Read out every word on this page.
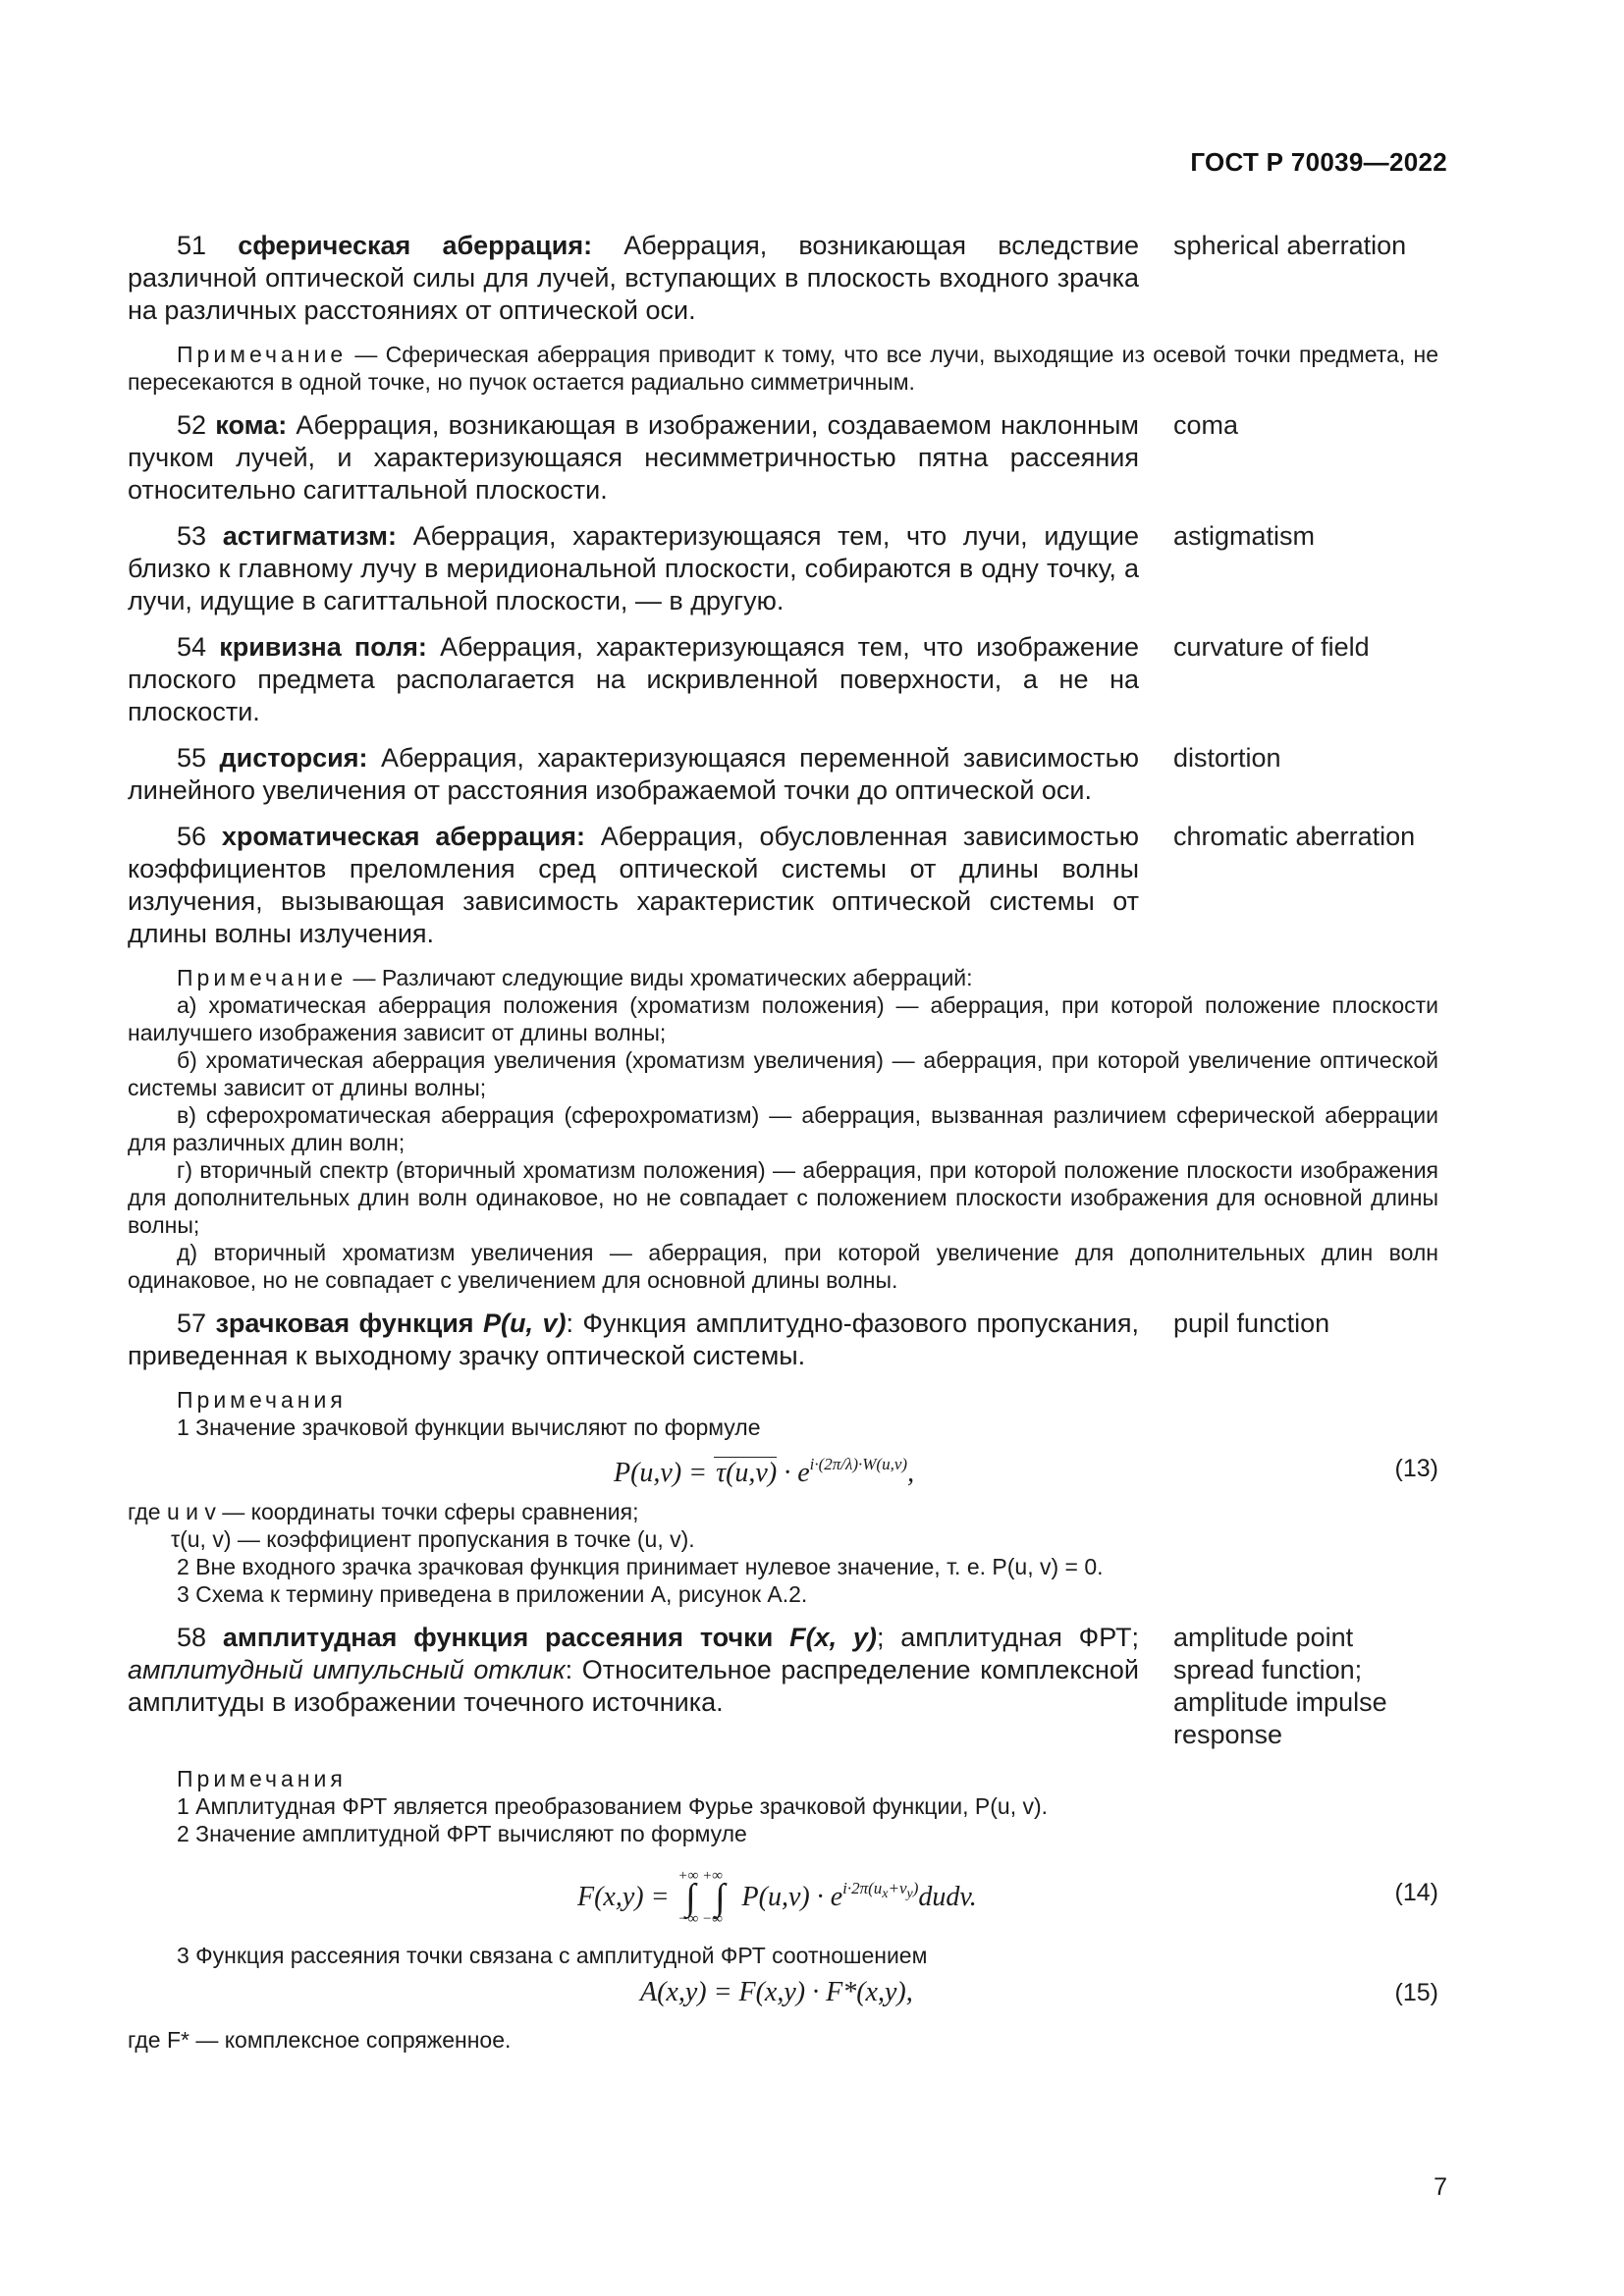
ГОСТ Р 70039—2022
51 сферическая аберрация: Аберрация, возникающая вследствие различной оптической силы для лучей, вступающих в плоскость входного зрачка на различных расстояниях от оптической оси.
spherical aberration
Примечание — Сферическая аберрация приводит к тому, что все лучи, выходящие из осевой точки предмета, не пересекаются в одной точке, но пучок остается радиально симметричным.
52 кома: Аберрация, возникающая в изображении, создаваемом наклонным пучком лучей, и характеризующаяся несимметричностью пятна рассеяния относительно сагиттальной плоскости.
coma
53 астигматизм: Аберрация, характеризующаяся тем, что лучи, идущие близко к главному лучу в меридиональной плоскости, собираются в одну точку, а лучи, идущие в сагиттальной плоскости, — в другую.
astigmatism
54 кривизна поля: Аберрация, характеризующаяся тем, что изображение плоского предмета располагается на искривленной поверхности, а не на плоскости.
curvature of field
55 дисторсия: Аберрация, характеризующаяся переменной зависимостью линейного увеличения от расстояния изображаемой точки до оптической оси.
distortion
56 хроматическая аберрация: Аберрация, обусловленная зависимостью коэффициентов преломления сред оптической системы от длины волны излучения, вызывающая зависимость характеристик оптической системы от длины волны излучения.
chromatic aberration
Примечание — Различают следующие виды хроматических аберраций:
а) хроматическая аберрация положения (хроматизм положения) — аберрация, при которой положение плоскости наилучшего изображения зависит от длины волны;
б) хроматическая аберрация увеличения (хроматизм увеличения) — аберрация, при которой увеличение оптической системы зависит от длины волны;
в) сферохроматическая аберрация (сферохроматизм) — аберрация, вызванная различием сферической аберрации для различных длин волн;
г) вторичный спектр (вторичный хроматизм положения) — аберрация, при которой положение плоскости изображения для дополнительных длин волн одинаковое, но не совпадает с положением плоскости изображения для основной длины волны;
д) вторичный хроматизм увеличения — аберрация, при которой увеличение для дополнительных длин волн одинаковое, но не совпадает с увеличением для основной длины волны.
57 зрачковая функция P(u, v): Функция амплитудно-фазового пропускания, приведенная к выходному зрачку оптической системы.
pupil function
Примечания
1 Значение зрачковой функции вычисляют по формуле
$P(u,v) = \tau(u,v) \cdot e^{i\cdot(2\pi/\lambda)\cdot W(u,v)}$,	(13)
где u и v — координаты точки сферы сравнения;
τ(u, v) — коэффициент пропускания в точке (u, v).
2 Вне входного зрачка зрачковая функция принимает нулевое значение, т. е. P(u, v) = 0.
3 Схема к термину приведена в приложении А, рисунок А.2.
58 амплитудная функция рассеяния точки F(x, y); амплитудная ФРТ; амплитудный импульсный отклик: Относительное распределение комплексной амплитуды в изображении точечного источника.
amplitude point spread function; amplitude impulse response
Примечания
1 Амплитудная ФРТ является преобразованием Фурье зрачковой функции, P(u, v).
2 Значение амплитудной ФРТ вычисляют по формуле
F(x,y) =
+∞ +∞
∫
−∞ −∞
∫ $P(u,v) \cdot e^{i\cdot 2\pi(u_x+v_y)}dudv$.	(14)
3 Функция рассеяния точки связана с амплитудной ФРТ соотношением
A(x,y) = F(x,y) · F*(x,y),	(15)
где F* — комплексное сопряженное.
7
